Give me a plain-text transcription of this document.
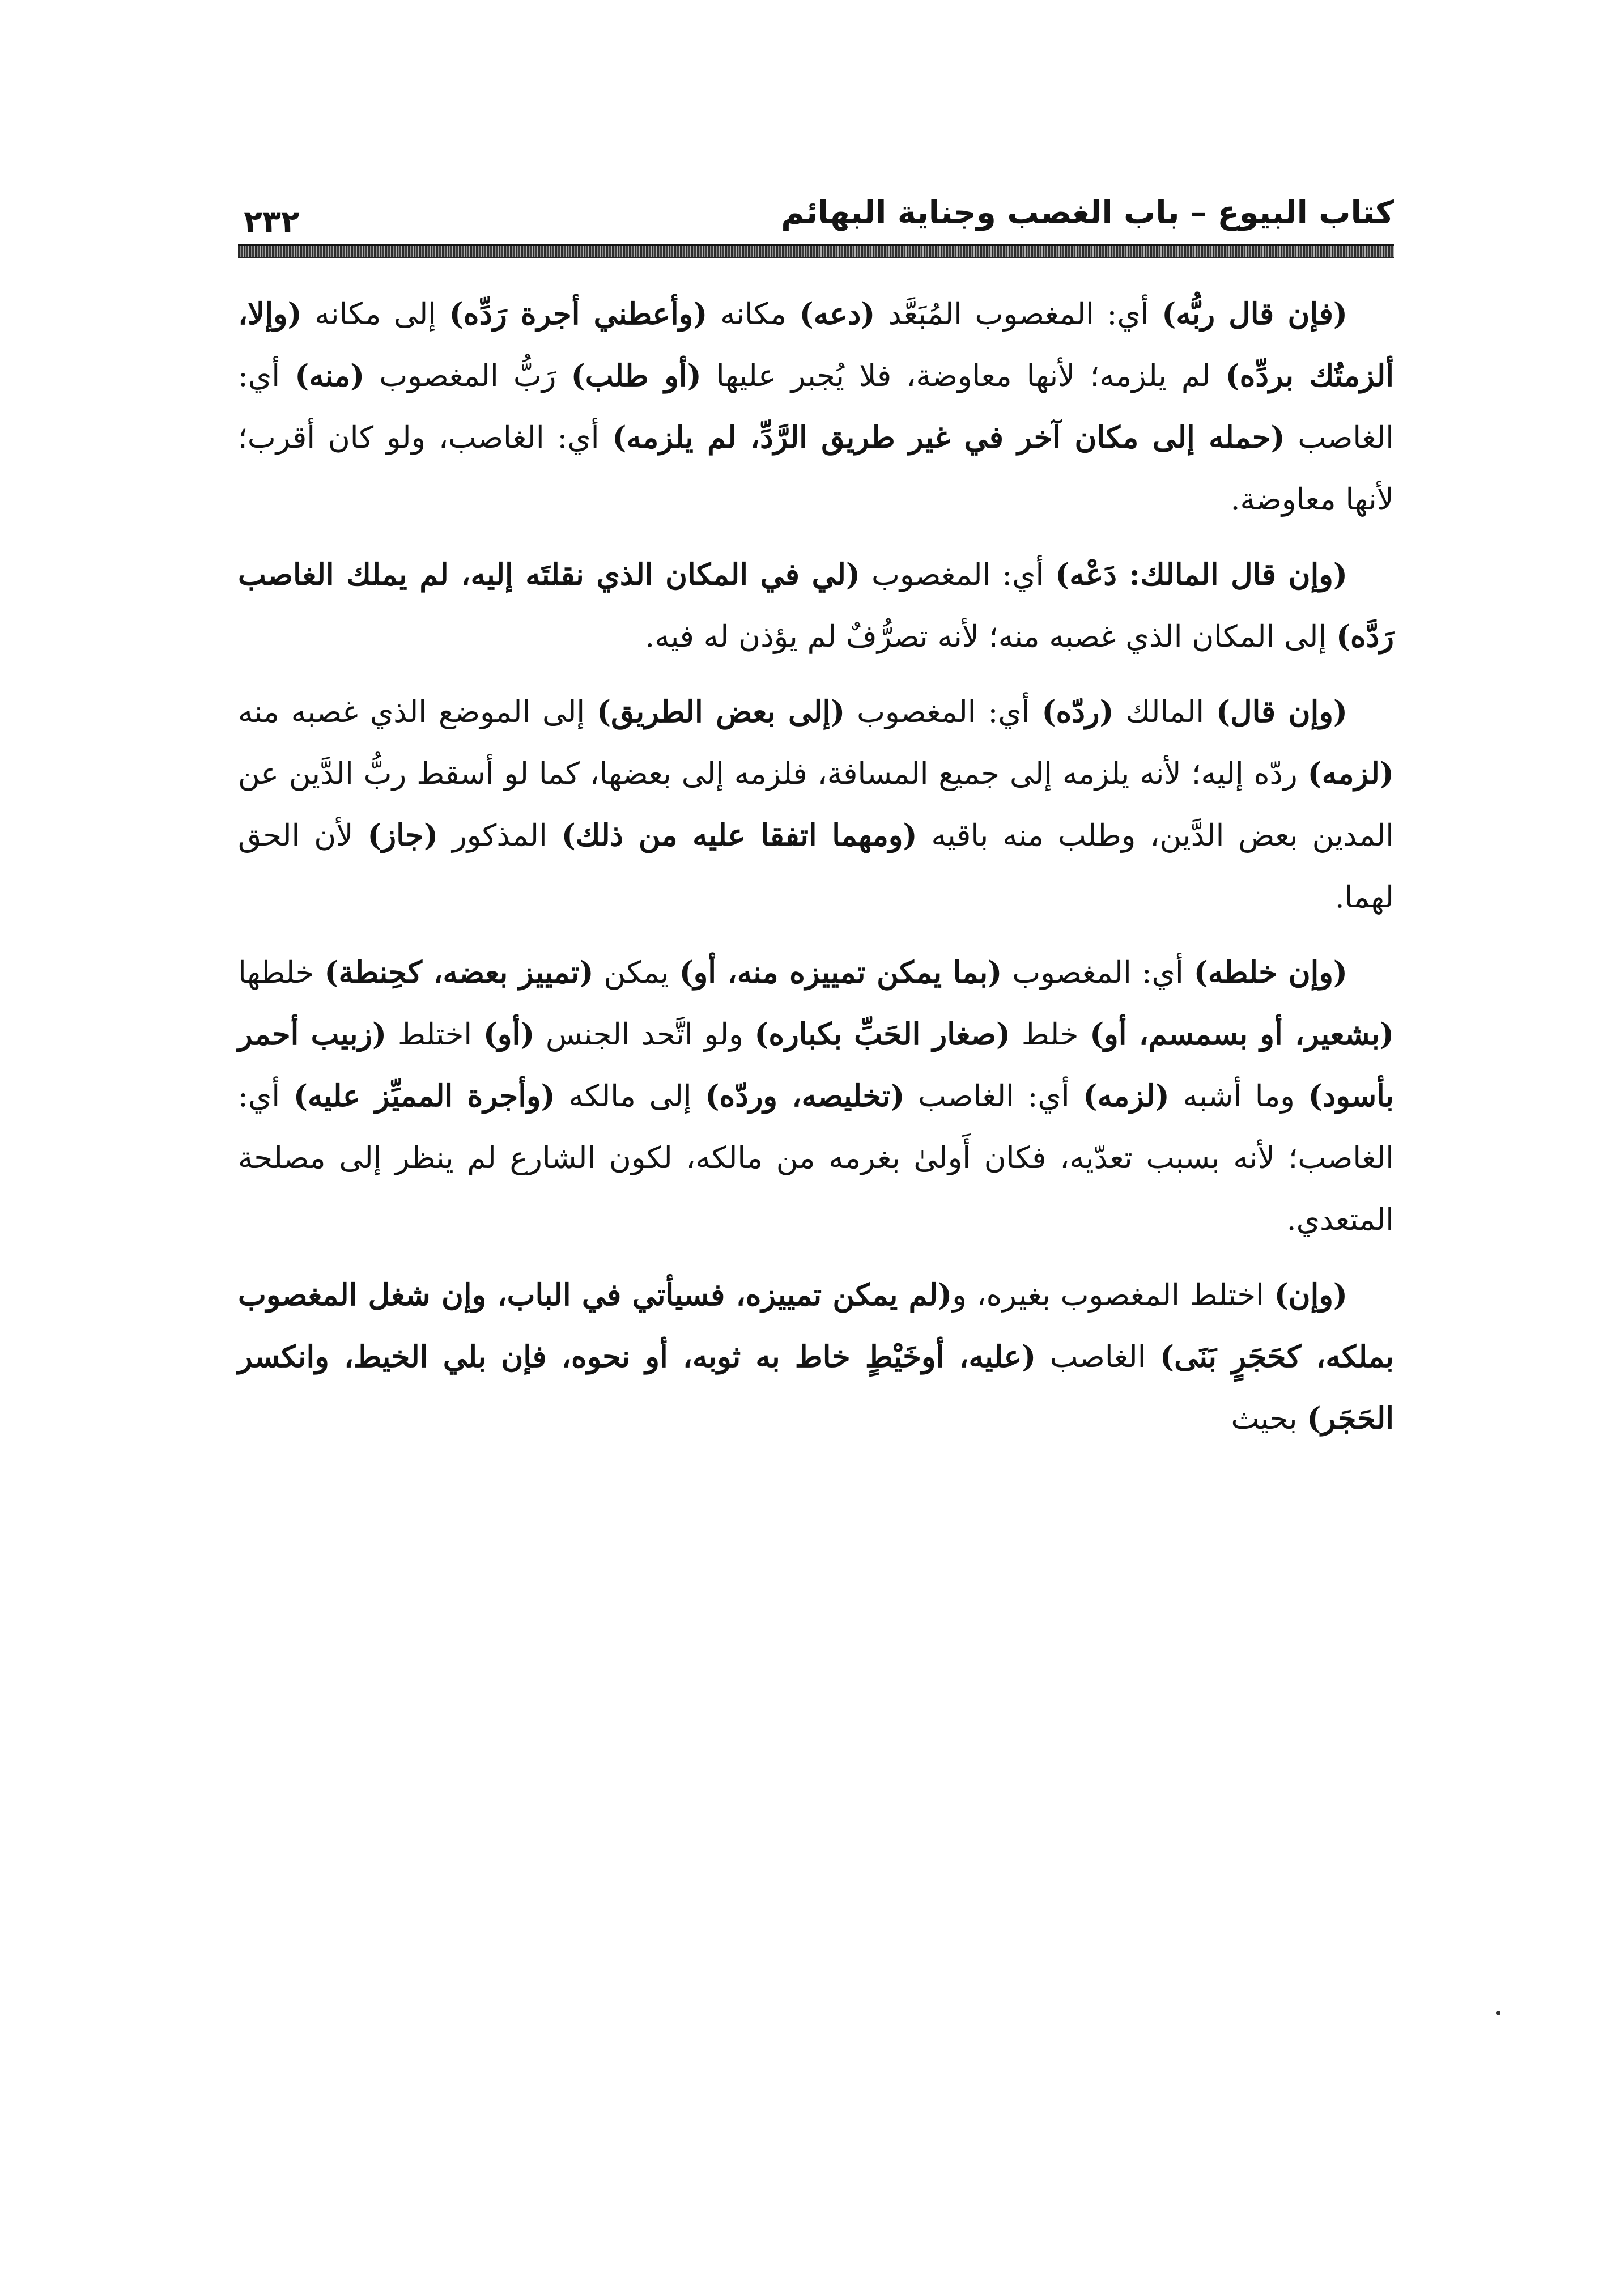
كتاب البيوع – باب الغصب وجناية البهائم
٢٣٢

(فإن قال ربُّه) أي: المغصوب المُبَعَّد (دعه) مكانه (وأعطني أجرة رَدِّه) إلى مكانه (وإلا، ألزمتُك بردِّه) لم يلزمه؛ لأنها معاوضة، فلا يُجبر عليها (أو طلب) رَبُّ المغصوب (منه) أي: الغاصب (حمله إلى مكان آخر في غير طريق الرَّدِّ، لم يلزمه) أي: الغاصب، ولو كان أقرب؛ لأنها معاوضة.

(وإن قال المالك: دَعْه) أي: المغصوب (لي في المكان الذي نقلتَه إليه، لم يملك الغاصب رَدَّه) إلى المكان الذي غصبه منه؛ لأنه تصرُّفٌ لم يؤذن له فيه.

(وإن قال) المالك (ردّه) أي: المغصوب (إلى بعض الطريق) إلى الموضع الذي غصبه منه (لزمه) ردّه إليه؛ لأنه يلزمه إلى جميع المسافة، فلزمه إلى بعضها، كما لو أسقط ربُّ الدَّين عن المدين بعض الدَّين، وطلب منه باقيه (ومهما اتفقا عليه من ذلك) المذكور (جاز) لأن الحق لهما.

(وإن خلطه) أي: المغصوب (بما يمكن تمييزه منه، أو) يمكن (تمييز بعضه، كحِنطة) خلطها (بشعير، أو بسمسم، أو) خلط (صغار الحَبِّ بكباره) ولو اتَّحد الجنس (أو) اختلط (زبيب أحمر بأسود) وما أشبه (لزمه) أي: الغاصب (تخليصه، وردّه) إلى مالكه (وأجرة المميِّز عليه) أي: الغاصب؛ لأنه بسبب تعدّيه، فكان أَولىٰ بغرمه من مالكه، لكون الشارع لم ينظر إلى مصلحة المتعدي.

(وإن) اختلط المغصوب بغيره، و(لم يمكن تمييزه، فسيأتي في الباب، وإن شغل المغصوب بملكه، كحَجَرٍ بَنَى) الغاصب (عليه، أوخَيْطٍ خاط به ثوبه، أو نحوه، فإن بلي الخيط، وانكسر الحَجَر) بحيث
